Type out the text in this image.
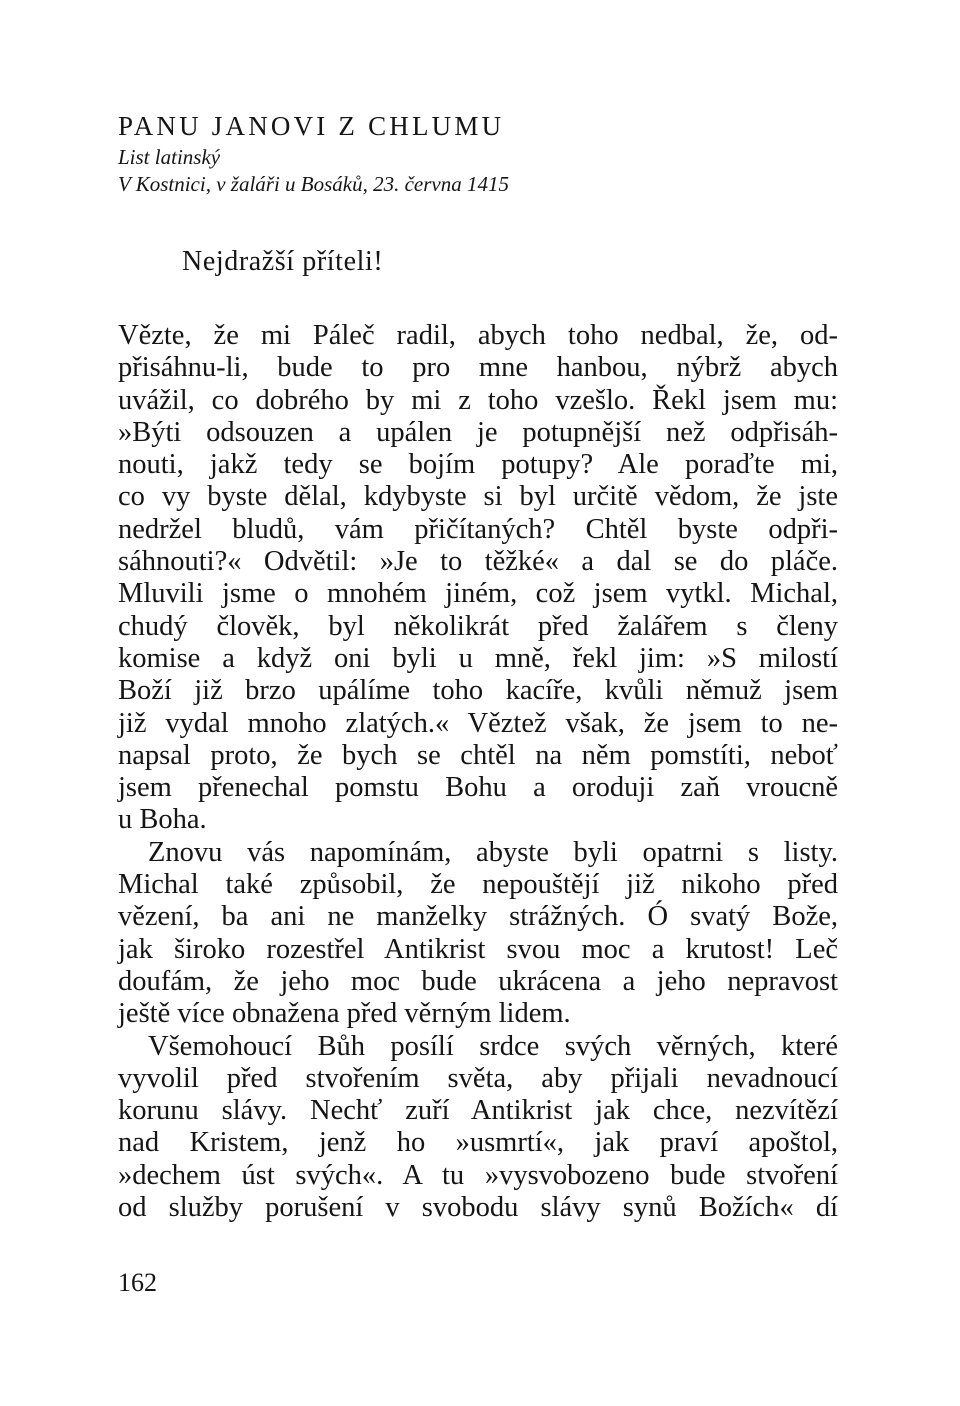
PANU JANOVI Z CHLUMU

List latinský

V Kostnici, v žaláři u Bosáků, 23. června 1415

Nejdražší příteli!

Vězte, že mi Páleč radil, abych toho nedbal, že, od-
přisáhnu-li, bude to pro mne hanbou, nýbrž abych
uvážil, co dobrého by mi z toho vzešlo. Řekl jsem mu:
»Býti odsouzen a upálen je potupnější než odpřisáh-
nouti, jakž tedy se bojím potupy? Ale poraďte mi,
co vy byste dělal, kdybyste si byl určitě vědom, že jste
nedržel bludů, vám přičítaných? Chtěl byste odpři-
sáhnouti?« Odvětil: »Je to těžké« a dal se do pláče.
Mluvili jsme o mnohém jiném, což jsem vytkl. Michal,
chudý člověk, byl několikrát před žalářem s členy
komise a když oni byli u mně, řekl jim: »S milostí
Boží již brzo upálíme toho kacíře, kvůli němuž jsem
již vydal mnoho zlatých.« Věztež však, že jsem to ne-
napsal proto, že bych se chtěl na něm pomstíti, neboť
jsem přenechal pomstu Bohu a oroduji zaň vroucně
u Boha.
Znovu vás napomínám, abyste byli opatrni s listy.
Michal také způsobil, že nepouštějí již nikoho před
vězení, ba ani ne manželky strážných. Ó svatý Bože,
jak široko rozestřel Antikrist svou moc a krutost! Leč
doufám, že jeho moc bude ukrácena a jeho nepravost
ještě více obnažena před věrným lidem.
Všemohoucí Bůh posílí srdce svých věrných, které
vyvolil před stvořením světa, aby přijali nevadnoucí
korunu slávy. Nechť zuří Antikrist jak chce, nezvítězí
nad Kristem, jenž ho »usmrtí«, jak praví apoštol,
»dechem úst svých«. A tu »vysvobozeno bude stvoření
od služby porušení v svobodu slávy synů Božích« dí
162
